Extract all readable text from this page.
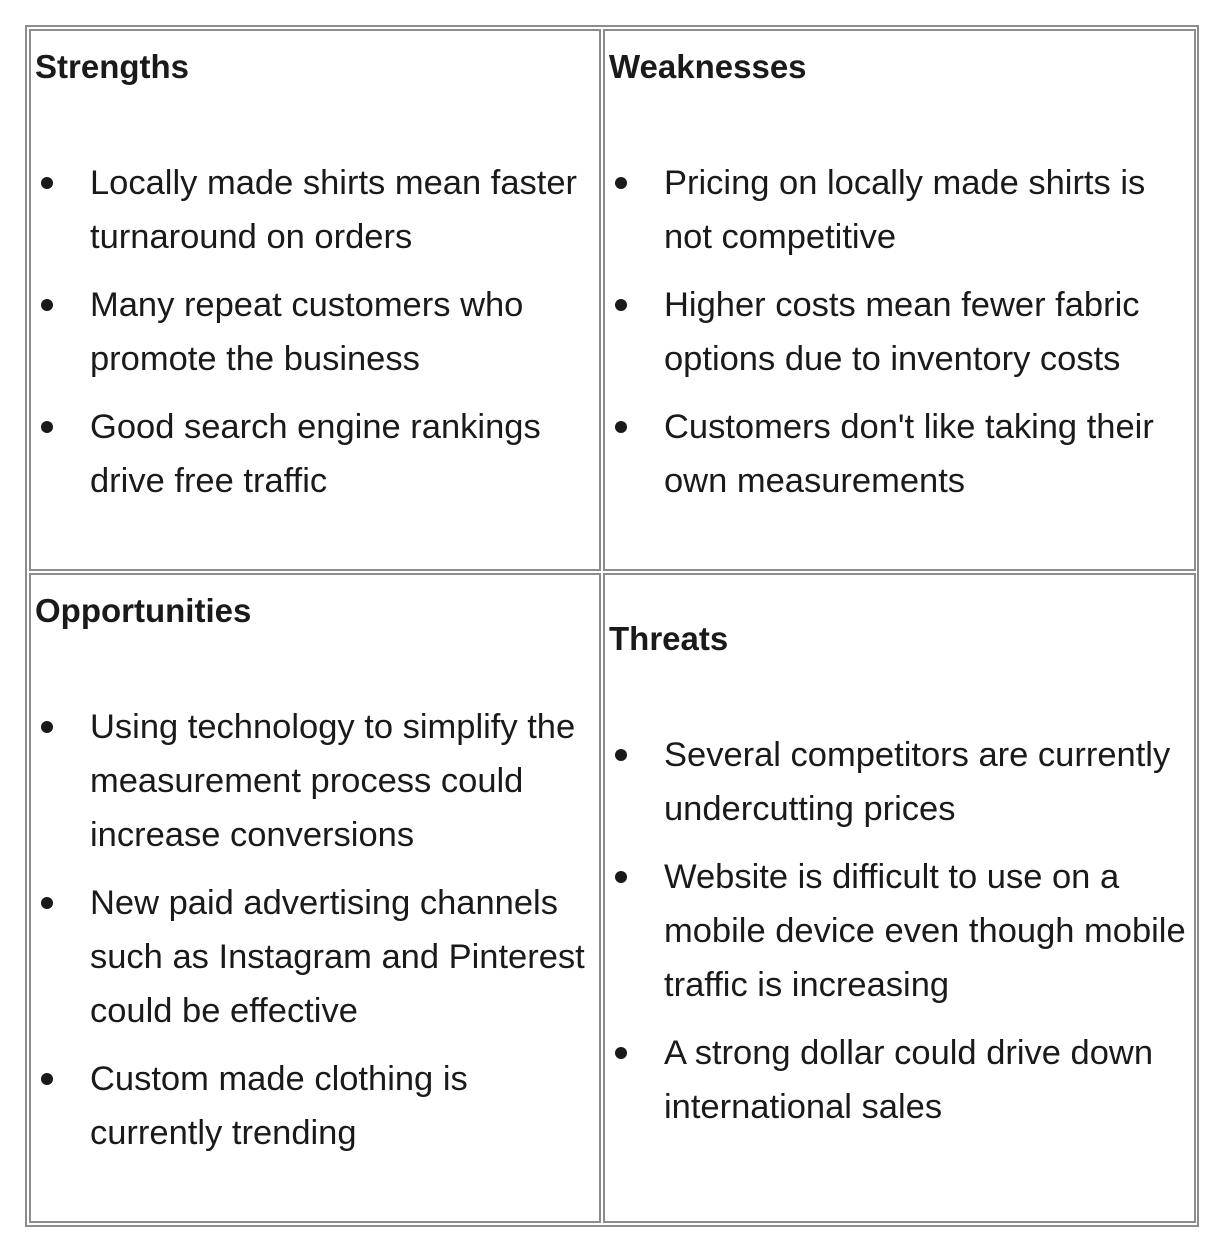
Strengths
Locally made shirts mean faster turnaround on orders
Many repeat customers who promote the business
Good search engine rankings drive free traffic
Weaknesses
Pricing on locally made shirts is not competitive
Higher costs mean fewer fabric options due to inventory costs
Customers don't like taking their own measurements
Opportunities
Using technology to simplify the measurement process could increase conversions
New paid advertising channels such as Instagram and Pinterest could be effective
Custom made clothing is currently trending
Threats
Several competitors are currently undercutting prices
Website is difficult to use on a mobile device even though mobile traffic is increasing
A strong dollar could drive down international sales
